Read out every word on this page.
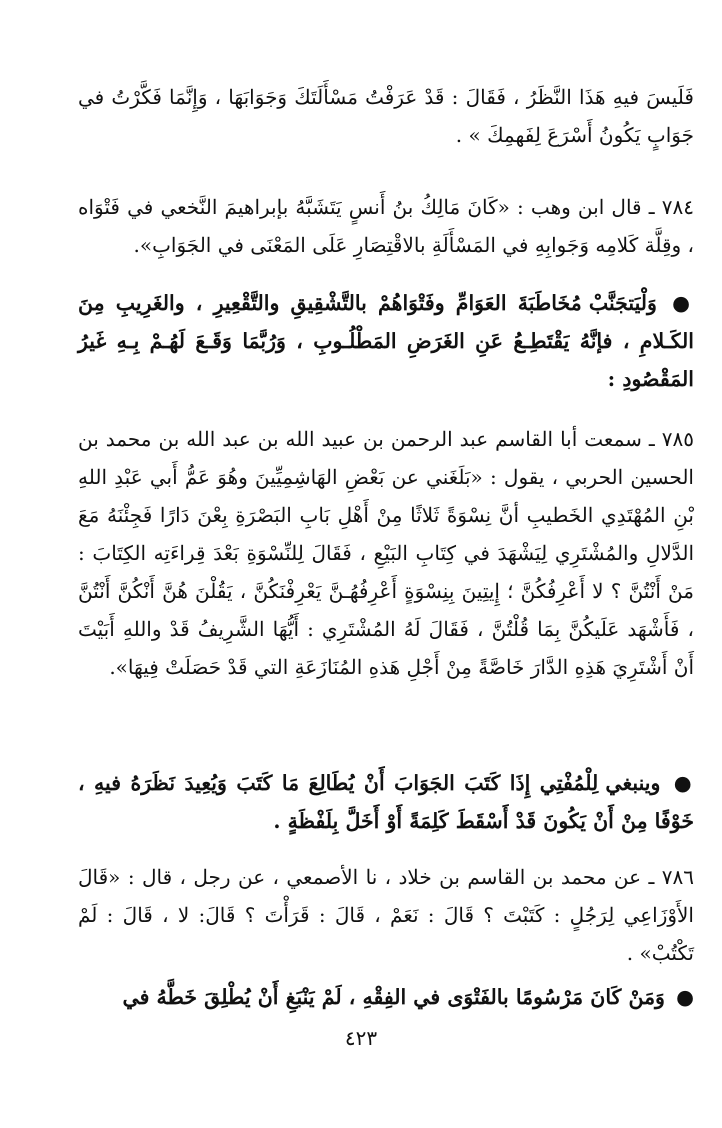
فَلَيسَ فيهِ هَذَا النَّظَرُ ، فَقَالَ : قَدْ عَرَفْتُ مَسْأَلَتَكَ وَجَوَابَهَا ، وَإِنَّمَا فَكَّرْتُ في جَوَابٍ يَكُونُ أَسْرَعَ لِفَهمِكَ » .

٧٨٤ ـ قال ابن وهب : «كَانَ مَالِكُ بنُ أَنسٍ يَتَشَبَّهُ بإبراهيمَ النَّخعي في فَتْوَاه ، وقِلَّة كَلامِه وَجَوابِهِ في المَسْأَلَةِ بالاقْتِصَارِ عَلَى المَعْنَى في الجَوَابِ».

● وَلْيَتجَنَّبْ مُخَاطَبَةَ العَوَامِّ وفَتْوَاهُمْ بالتَّشْقِيقِ والتَّقْعِيرِ ، والغَرِيبِ مِنَ الكَـلامِ ، فإنَّهُ يَقْتَطِـعُ عَنِ الغَرَضِ المَطْلُـوبِ ، وَرُبَّمَا وَقَـعَ لَهُـمْ بِـهِ غَيرُ المَقْصُودِ :

٧٨٥ ـ سمعت أبا القاسم عبد الرحمن بن عبيد الله بن عبد الله بن محمد بن الحسين الحربي ، يقول : «بَلَغَني عن بَعْضِ الهَاشِمِيِّينَ وهُوَ عَمُّ أَبي عَبْدِ اللهِ بْنِ المُهْتَدِي الخَطيبِ أنَّ نِسْوَةً ثَلاثًا مِنْ أَهْلِ بَابِ البَصْرَةِ بِعْنَ دَارًا فَجِئْنَهُ مَعَ الدَّلالِ والمُشْتَرِي لِيَشْهَدَ في كِتَابِ البَيْعِ ، فَقَالَ لِلنِّسْوَةِ بَعْدَ قِراءَتِه الكِتَابَ : مَنْ أَنْتُنَّ ؟ لا أَعْرِفُكُنَّ ؛ إِيتِينَ بِنِسْوَةٍ أَعْرِفُهُـنَّ يَعْرِفْنَكُنَّ ، يَقُلْنَ هُنَّ أَنْكُنَّ أَنْتُنَّ ، فَأَشْهَد عَلَيكُنَّ بِمَا قُلْتُنَّ ، فَقَالَ لَهُ المُشْتَرِي : أَيُّهَا الشَّرِيفُ قَدْ واللهِ أَبَيْتَ أَنْ أَشْتَرِيَ هَذِهِ الدَّارَ خَاصَّةً مِنْ أَجْلِ هَذهِ المُنَازَعَةِ التي قَدْ حَصَلَتْ فِيهَا».

● وينبغي لِلْمُفْتِي إِذَا كَتَبَ الجَوَابَ أَنْ يُطَالِعَ مَا كَتَبَ وَيُعِيدَ نَظَرَهُ فيهِ ، خَوْفًا مِنْ أَنْ يَكُونَ قَدْ أَسْقَطَ كَلِمَةً أَوْ أَخَلَّ بِلَفْظَةٍ .

٧٨٦ ـ عن محمد بن القاسم بن خلاد ، نا الأصمعي ، عن رجل ، قال : «قَالَ الأَوْزَاعِي لِرَجُلٍ : كَتَبْتَ ؟ قَالَ : نَعَمْ ، قَالَ : قَرَأْتَ ؟ قَالَ: لا ، قَالَ : لَمْ تَكْتُبْ» .

● وَمَنْ كَانَ مَرْسُومًا بالفَتْوَى في الفِقْهِ ، لَمْ يَنْبَغِ أَنْ يُطْلِقَ خَطَّهُ في

٤٢٣
